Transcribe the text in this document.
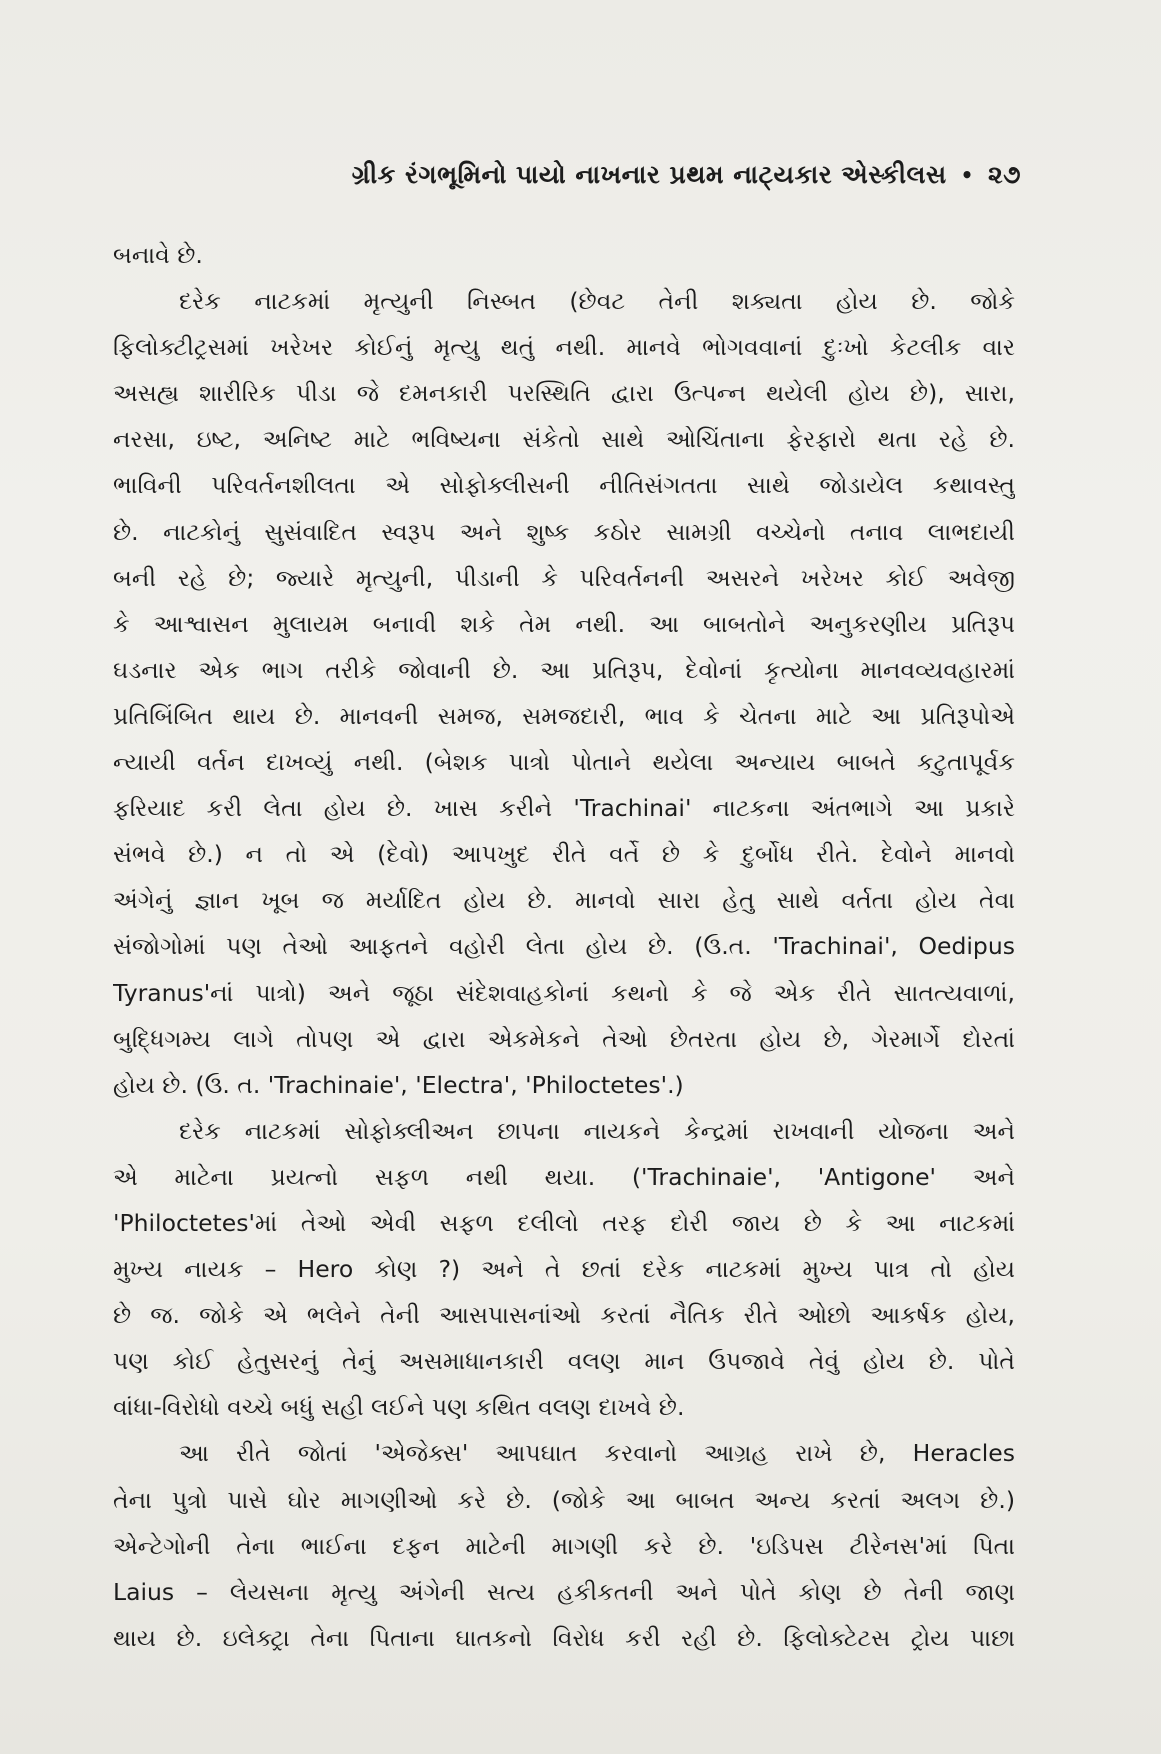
ગ્રીક રંગભૂમિનો પાયો નાખનાર પ્રથમ નાટ્યકાર એસ્કીલસ • ૨૭
બનાવે છે.
દરેક નાટકમાં મૃત્યુની નિસ્બત (છેવટ તેની શક્યતા હોય છે. જોકે
ફિલોક્ટીટ્રસમાં ખરેખર કોઈનું મૃત્યુ થતું નથી. માનવે ભોગવવાનાં દુઃખો કેટલીક વાર
અસહ્ય શારીરિક પીડા જે દમનકારી પરસ્થિતિ દ્વારા ઉત્પન્ન થયેલી હોય છે), સારા,
નરસા, ઇષ્ટ, અનિષ્ટ માટે ભવિષ્યના સંકેતો સાથે ઓચિંતાના ફેરફારો થતા રહે છે.
ભાવિની પરિવર્તનશીલતા એ સોફોક્લીસની નીતિસંગતતા સાથે જોડાયેલ કથાવસ્તુ
છે. નાટકોનું સુસંવાદિત સ્વરૂપ અને શુષ્ક કઠોર સામગ્રી વચ્ચેનો તનાવ લાભદાયી
બની રહે છે; જ્યારે મૃત્યુની, પીડાની કે પરિવર્તનની અસરને ખરેખર કોઈ અવેજી
કે આશ્વાસન મુલાયમ બનાવી શકે તેમ નથી. આ બાબતોને અનુકરણીય પ્રતિરૂપ
ઘડનાર એક ભાગ તરીકે જોવાની છે. આ પ્રતિરૂપ, દેવોનાં કૃત્યોના માનવવ્યવહારમાં
પ્રતિબિંબિત થાય છે. માનવની સમજ, સમજદારી, ભાવ કે ચેતના માટે આ પ્રતિરૂપોએ
ન્યાયી વર્તન દાખવ્યું નથી. (બેશક પાત્રો પોતાને થયેલા અન્યાય બાબતે કટુતાપૂર્વક
ફરિયાદ કરી લેતા હોય છે. ખાસ કરીને 'Trachinai' નાટકના અંતભાગે આ પ્રકારે
સંભવે છે.) ન તો એ (દેવો) આપખુદ રીતે વર્તે છે કે દુર્બોધ રીતે. દેવોને માનવો
અંગેનું જ્ઞાન ખૂબ જ મર્યાદિત હોય છે. માનવો સારા હેતુ સાથે વર્તતા હોય તેવા
સંજોગોમાં પણ તેઓ આફતને વહોરી લેતા હોય છે. (ઉ.ત. 'Trachinai', Oedipus
Tyranus'નાં પાત્રો) અને જૂઠા સંદેશવાહકોનાં કથનો કે જે એક રીતે સાતત્યવાળાં,
બુદ્ધિગમ્ય લાગે તોપણ એ દ્વારા એકમેકને તેઓ છેતરતા હોય છે, ગેરમાર્ગે દોરતાં
હોય છે. (ઉ. ત. 'Trachinaie', 'Electra', 'Philoctetes'.)
દરેક નાટકમાં સોફોક્લીઅન છાપના નાયકને કેન્દ્રમાં રાખવાની યોજના અને
એ માટેના પ્રયત્નો સફળ નથી થયા. ('Trachinaie', 'Antigone' અને
'Philoctetes'માં તેઓ એવી સફળ દલીલો તરફ દોરી જાય છે કે આ નાટકમાં
મુખ્ય નાયક – Hero કોણ ?) અને તે છતાં દરેક નાટકમાં મુખ્ય પાત્ર તો હોય
છે જ. જોકે એ ભલેને તેની આસપાસનાંઓ કરતાં નૈતિક રીતે ઓછો આકર્ષક હોય,
પણ કોઈ હેતુસરનું તેનું અસમાધાનકારી વલણ માન ઉપજાવે તેવું હોય છે. પોતે
વાંધા-વિરોધો વચ્ચે બધું સહી લઈને પણ કથિત વલણ દાખવે છે.
આ રીતે જોતાં 'એજેક્સ' આપઘાત કરવાનો આગ્રહ રાખે છે, Heracles
તેના પુત્રો પાસે ઘોર માગણીઓ કરે છે. (જોકે આ બાબત અન્ય કરતાં અલગ છે.)
એન્ટેગોની તેના ભાઈના દફન માટેની માગણી કરે છે. 'ઇડિપસ ટીરેનસ'માં પિતા
Laius – લેયસના મૃત્યુ અંગેની સત્ય હકીકતની અને પોતે કોણ છે તેની જાણ
થાય છે. ઇલેક્ટ્રા તેના પિતાના ઘાતકનો વિરોધ કરી રહી છે. ફિલોક્ટેટસ ટ્રોય પાછા
